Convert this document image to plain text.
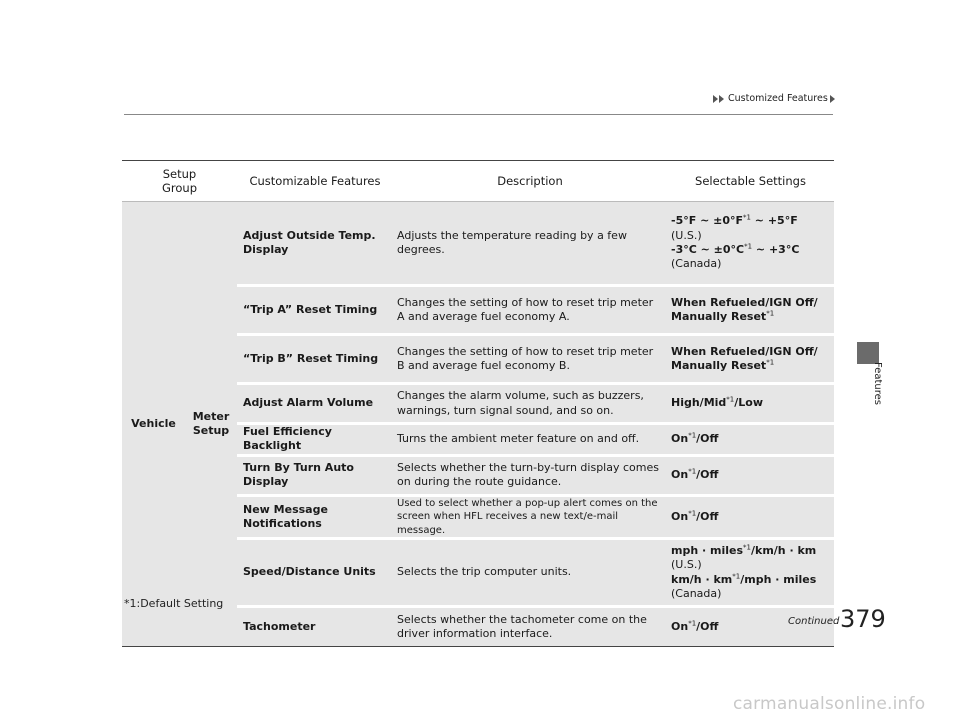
Customized Features
Features
Setup Group		Customizable Features	Description	Selectable Settings
Vehicle	Meter Setup	Adjust Outside Temp. Display	Adjusts the temperature reading by a few degrees.	-5°F ~ $\pm 0^\circ F^{*1}$ ~ +5°F
(U.S.)
-3°C ~ $\pm 0^\circ C^{*1}$ ~ +3°C
(Canada)

		“Trip A” Reset Timing	Changes the setting of how to reset trip meter A and average fuel economy A.	When Refueled/IGN Off/
Manually Reset$^{*1}$

		“Trip B” Reset Timing	Changes the setting of how to reset trip meter B and average fuel economy B.	When Refueled/IGN Off/
Manually Reset$^{*1}$

		Adjust Alarm Volume	Changes the alarm volume, such as buzzers, warnings, turn signal sound, and so on.	High/Mid$^{*1}$/Low
		Fuel Efficiency Backlight	Turns the ambient meter feature on and off.	On$^{*1}$/Off
		Turn By Turn Auto Display	Selects whether the turn-by-turn display comes on during the route guidance.	On$^{*1}$/Off
		New Message Notifications	Used to select whether a pop-up alert comes on the screen when HFL receives a new text/e-mail message.	On$^{*1}$/Off
		Speed/Distance Units	Selects the trip computer units.	mph · miles$^{*1}$/km/h · km
(U.S.)
$km/h \cdot km^{*1}$/mph · miles
(Canada)

		Tachometer	Selects whether the tachometer come on the driver information interface.	On$^{*1}$/Off
*1:Default Setting
Continued 379
carmanualsonline.info
